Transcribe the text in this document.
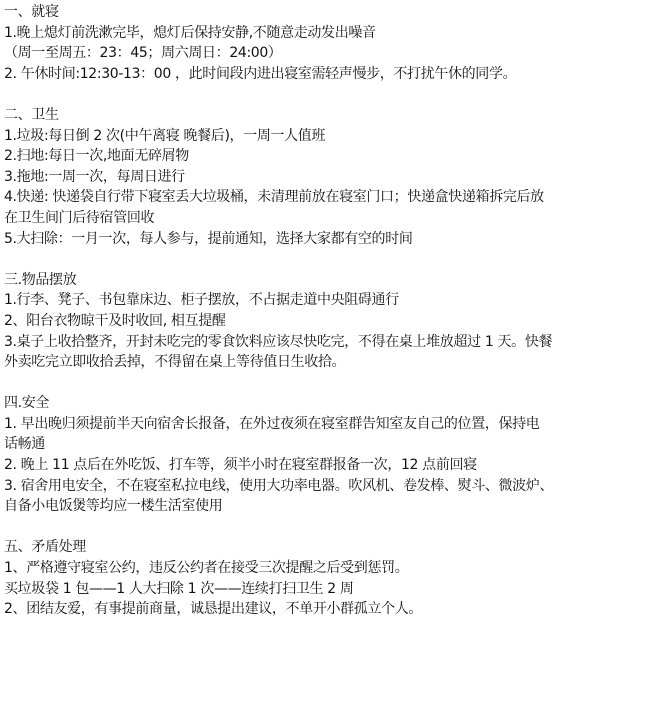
一、就寝
1.晚上熄灯前洗漱完毕，熄灯后保持安静,不随意走动发出噪音
（周一至周五：23：45；周六周日：24:00）
2. 午休时间:12:30-13：00 ，此时间段内进出寝室需轻声慢步，不打扰午休的同学。
二、卫生
1.垃圾:每日倒 2 次(中午离寝 晚餐后)，一周一人值班
2.扫地:每日一次,地面无碎屑物
3.拖地:一周一次，每周日进行
4.快递: 快递袋自行带下寝室丢大垃圾桶，未清理前放在寝室门口；快递盒快递箱拆完后放
在卫生间门后待宿管回收
5.大扫除：一月一次，每人参与，提前通知，选择大家都有空的时间
三.物品摆放
1.行李、凳子、书包靠床边、柜子摆放，不占据走道中央阻碍通行
2、阳台衣物晾干及时收回, 相互提醒
3.桌子上收拾整齐，开封未吃完的零食饮料应该尽快吃完，不得在桌上堆放超过 1 天。快餐
外卖吃完立即收拾丢掉，不得留在桌上等待值日生收拾。
四.安全
1. 早出晚归须提前半天向宿舍长报备，在外过夜须在寝室群告知室友自己的位置，保持电
话畅通
2. 晚上 11 点后在外吃饭、打车等，须半小时在寝室群报备一次，12 点前回寝
3. 宿舍用电安全，不在寝室私拉电线，使用大功率电器。吹风机、卷发棒、熨斗、微波炉、
自备小电饭煲等均应一楼生活室使用
五、矛盾处理
1、严格遵守寝室公约，违反公约者在接受三次提醒之后受到惩罚。
买垃圾袋 1 包——1 人大扫除 1 次——连续打扫卫生 2 周
2、团结友爱，有事提前商量，诚恳提出建议，不单开小群孤立个人。
